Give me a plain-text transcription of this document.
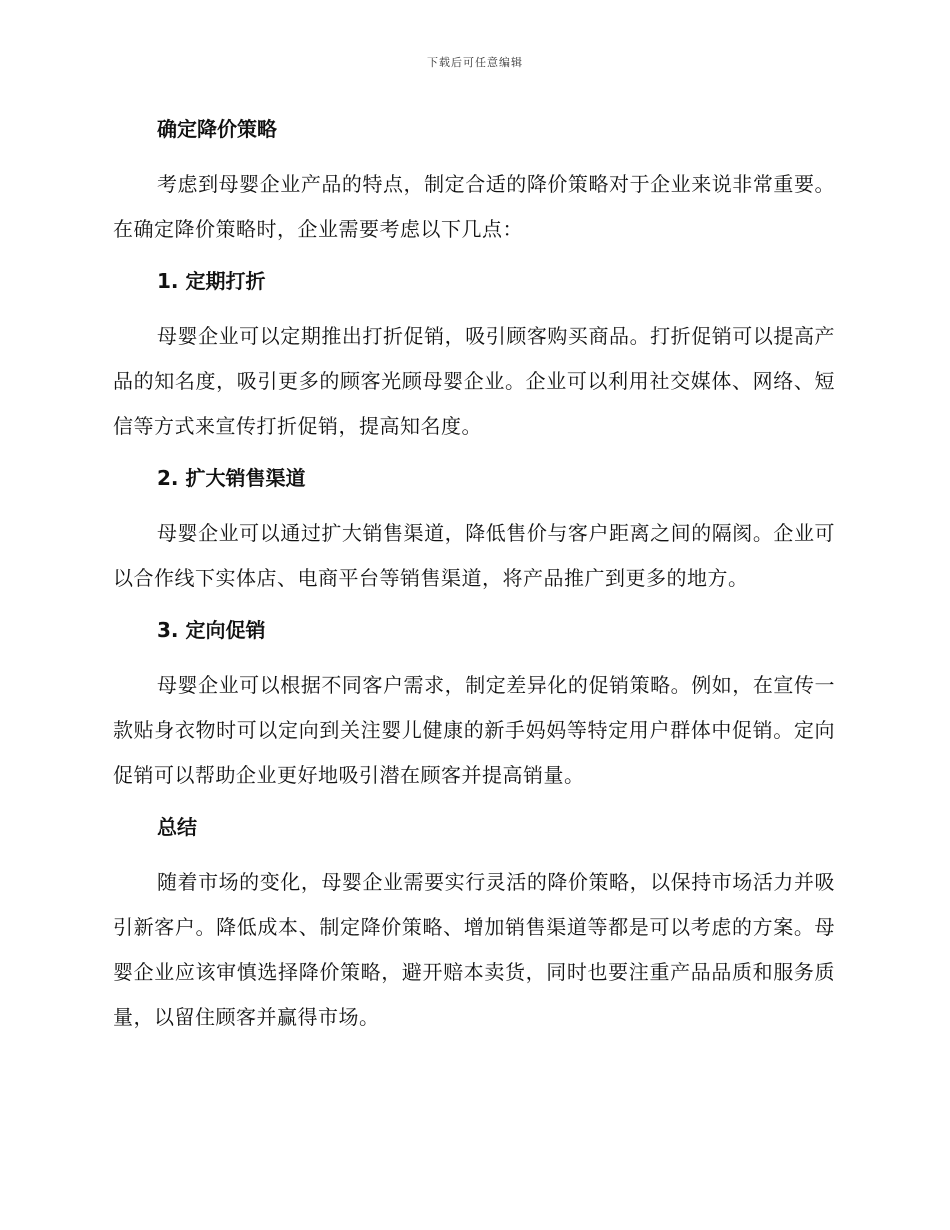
下载后可任意编辑
确定降价策略

考虑到母婴企业产品的特点，制定合适的降价策略对于企业来说非常重要。在确定降价策略时，企业需要考虑以下几点：

1. 定期打折

母婴企业可以定期推出打折促销，吸引顾客购买商品。打折促销可以提高产品的知名度，吸引更多的顾客光顾母婴企业。企业可以利用社交媒体、网络、短信等方式来宣传打折促销，提高知名度。

2. 扩大销售渠道

母婴企业可以通过扩大销售渠道，降低售价与客户距离之间的隔阂。企业可以合作线下实体店、电商平台等销售渠道，将产品推广到更多的地方。

3. 定向促销

母婴企业可以根据不同客户需求，制定差异化的促销策略。例如，在宣传一款贴身衣物时可以定向到关注婴儿健康的新手妈妈等特定用户群体中促销。定向促销可以帮助企业更好地吸引潜在顾客并提高销量。

总结

随着市场的变化，母婴企业需要实行灵活的降价策略，以保持市场活力并吸引新客户。降低成本、制定降价策略、增加销售渠道等都是可以考虑的方案。母婴企业应该审慎选择降价策略，避开赔本卖货，同时也要注重产品品质和服务质量，以留住顾客并赢得市场。
